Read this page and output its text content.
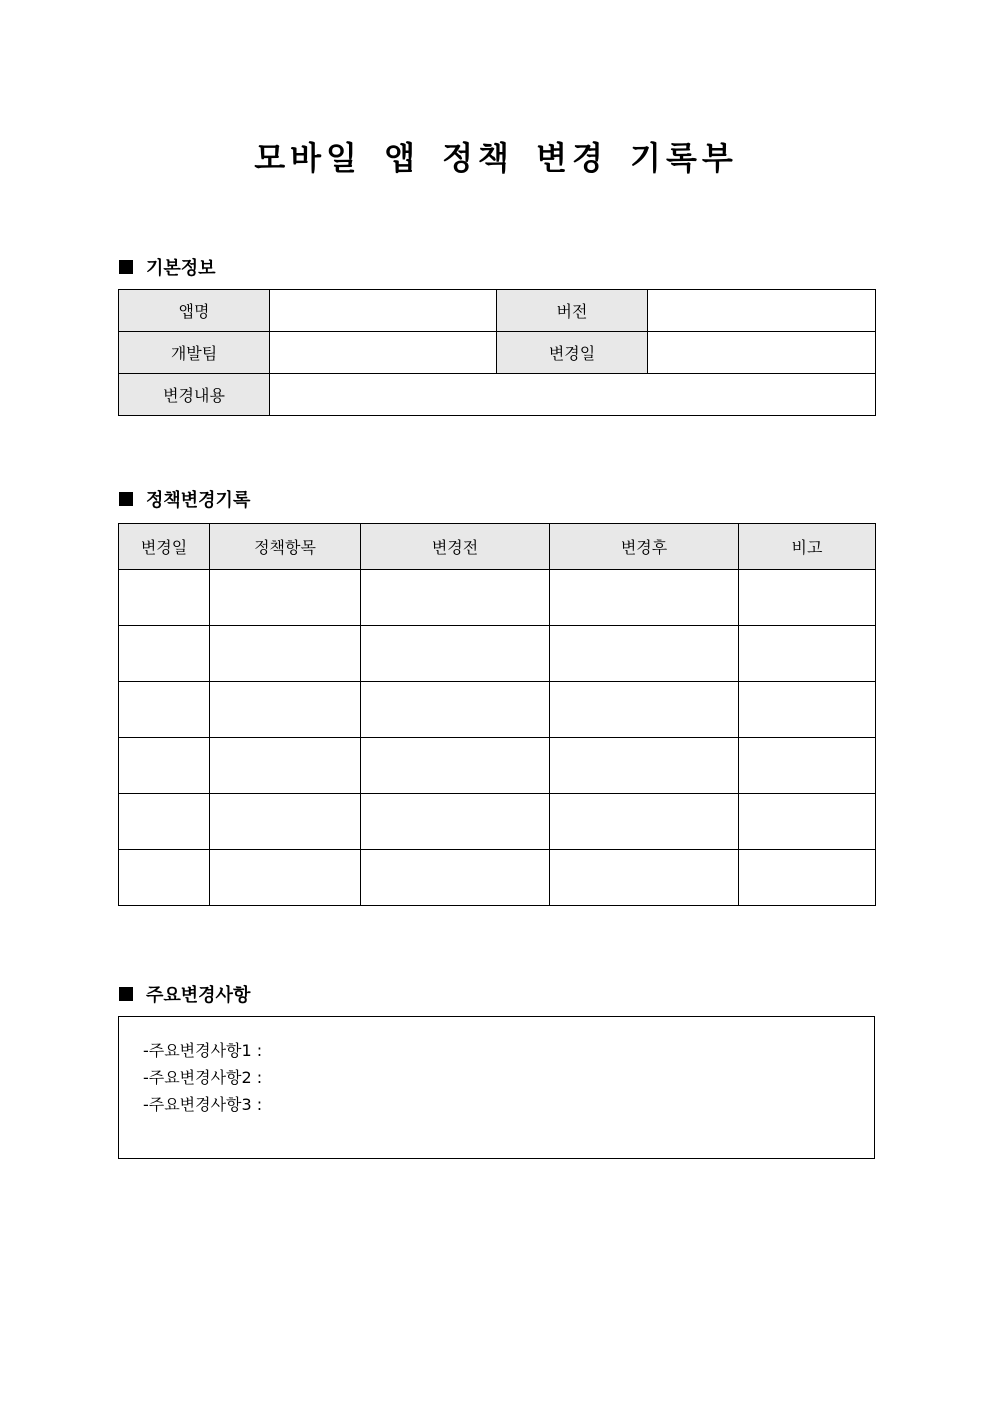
모바일 앱 정책 변경 기록부
기본정보
앱명		버전	
개발팀		변경일	
변경내용			
정책변경기록
변경일	정책항목	변경전	변경후	비고

주요변경사항
-주요변경사항1 :
-주요변경사항2 :
-주요변경사항3 :
